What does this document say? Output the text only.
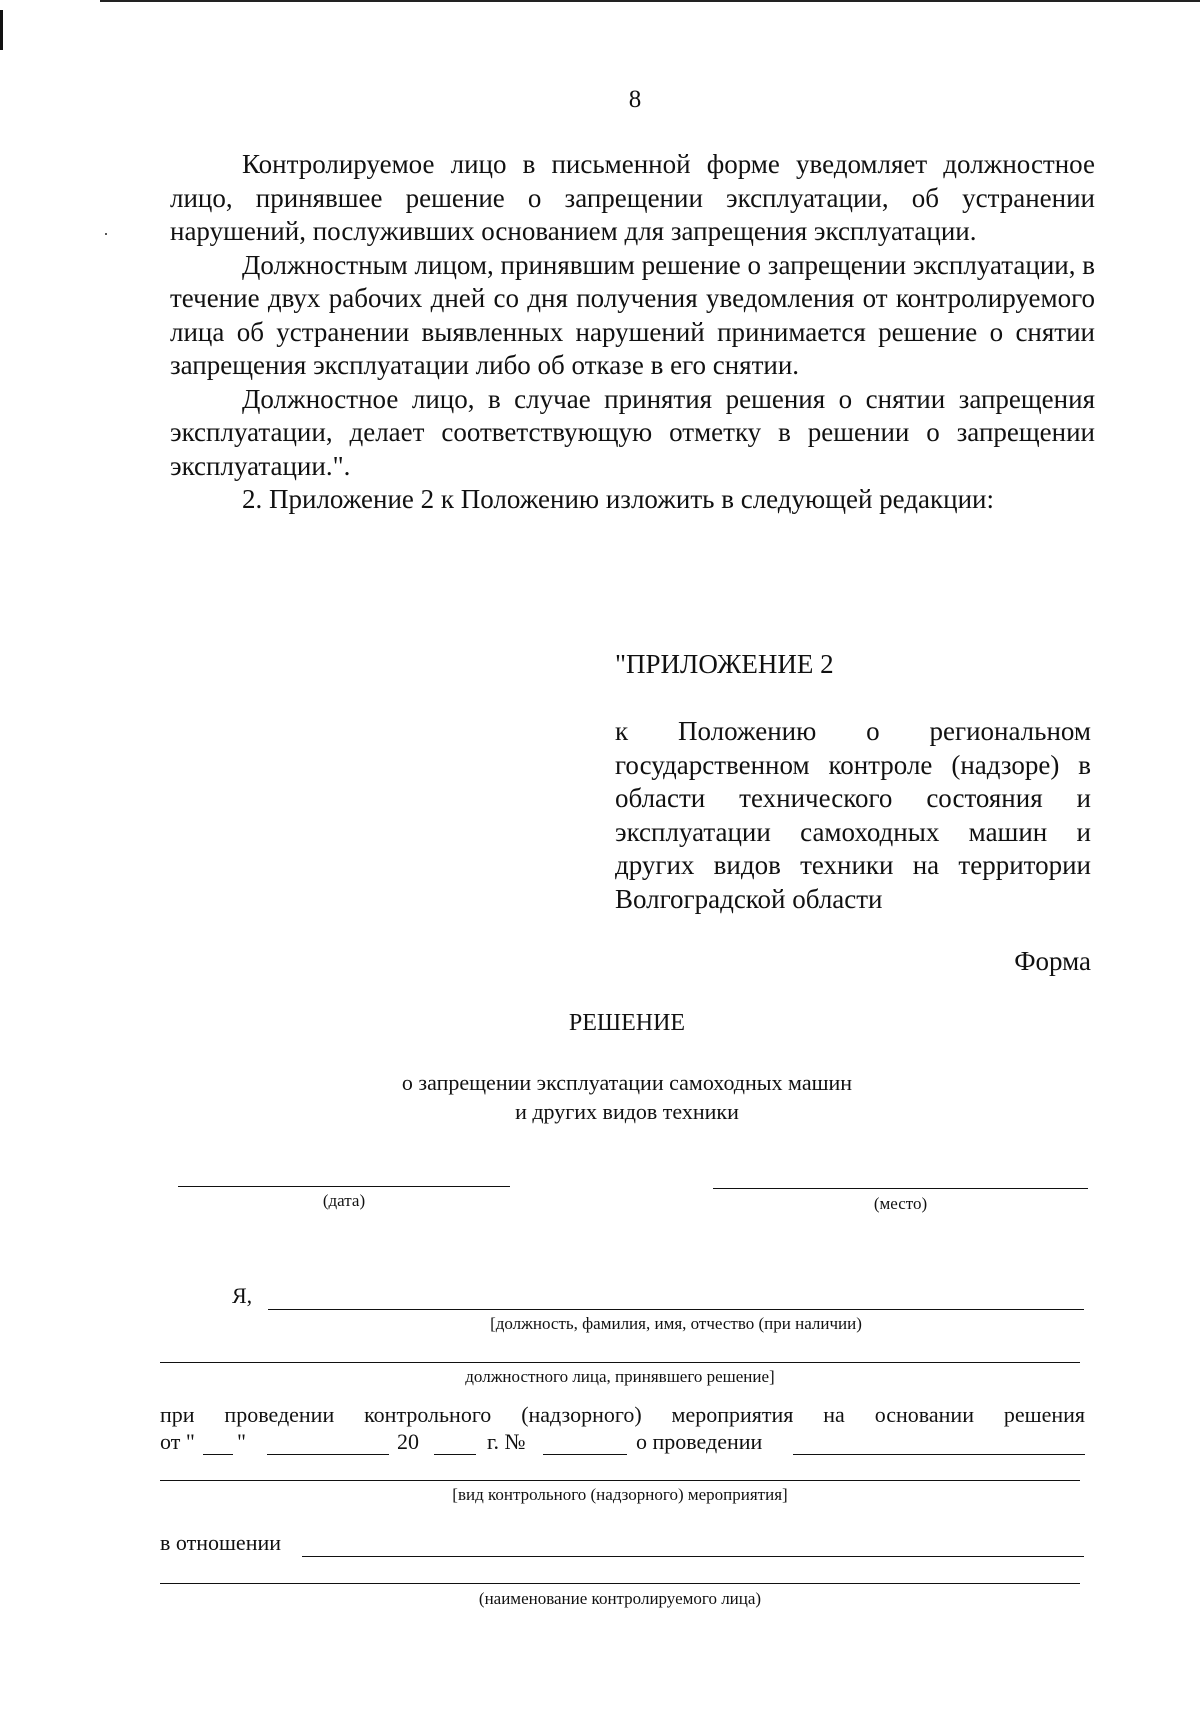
8

Контролируемое лицо в письменной форме уведомляет должностное лицо, принявшее решение о запрещении эксплуатации, об устранении нарушений, послуживших основанием для запрещения эксплуатации.

Должностным лицом, принявшим решение о запрещении эксплуатации, в течение двух рабочих дней со дня получения уведомления от контролируемого лица об устранении выявленных нарушений принимается решение о снятии запрещения эксплуатации либо об отказе в его снятии.

Должностное лицо, в случае принятия решения о снятии запрещения эксплуатации, делает соответствующую отметку в решении о запрещении эксплуатации.".

2. Приложение 2 к Положению изложить в следующей редакции:

"ПРИЛОЖЕНИЕ 2
к Положению о региональном государственном контроле (надзоре) в области технического состояния и эксплуатации самоходных машин и других видов техники на территории Волгоградской области
Форма
РЕШЕНИЕ
о запрещении эксплуатации самоходных машин
и других видов техники
(дата)	(место)
Я,
[должность, фамилия, имя, отчество (при наличии)
должностного лица, принявшего решение]
при проведении контрольного (надзорного) мероприятия на основании решения
от " "	20	г. №	о проведении
[вид контрольного (надзорного) мероприятия]
в отношении
(наименование контролируемого лица)
